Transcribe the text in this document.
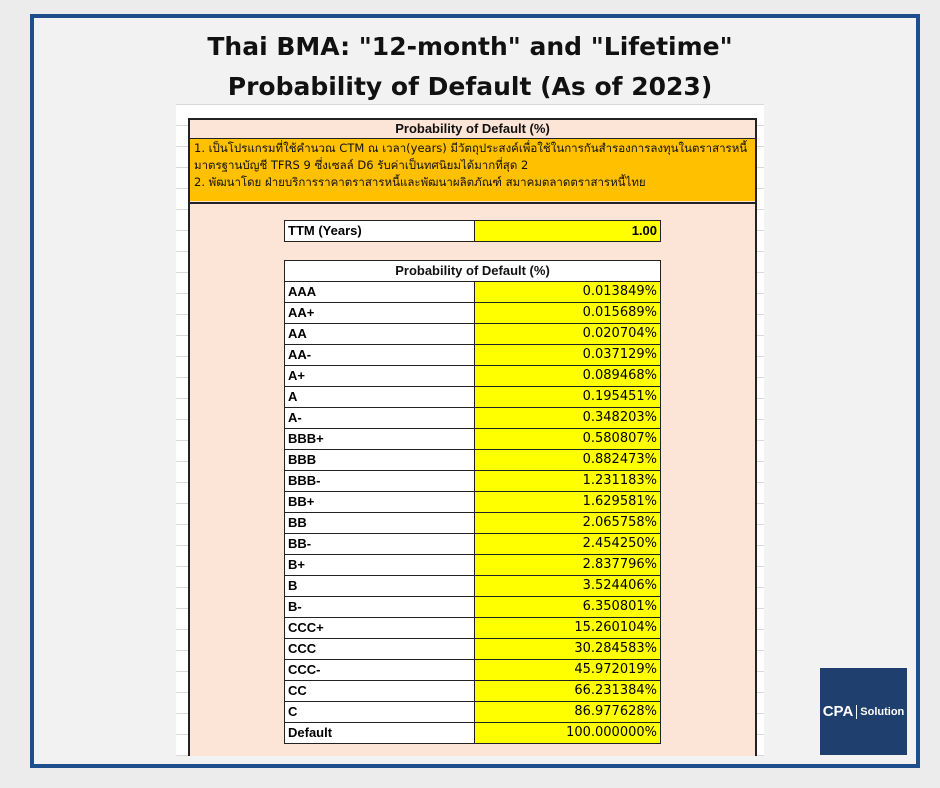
Thai BMA: "12-month" and "Lifetime"
Probability of Default (As of 2023)
Probability of Default (%)
1. เป็นโปรแกรมที่ใช้คำนวณ CTM ณ เวลา(years) มีวัตถุประสงค์เพื่อใช้ในการกันสำรองการลงทุนในตราสารหนี้มาตรฐานบัญชี TFRS 9 ซึ่งเซลล์ D6 รับค่าเป็นทศนิยมได้มากที่สุด 2
2. พัฒนาโดย ฝ่ายบริการราคาตราสารหนี้และพัฒนาผลิตภัณฑ์ สมาคมตลาดตราสารหนี้ไทย
TTM (Years)	1.00
Probability of Default (%)
AAA	0.013849%
AA+	0.015689%
AA	0.020704%
AA-	0.037129%
A+	0.089468%
A	0.195451%
A-	0.348203%
BBB+	0.580807%
BBB	0.882473%
BBB-	1.231183%
BB+	1.629581%
BB	2.065758%
BB-	2.454250%
B+	2.837796%
B	3.524406%
B-	6.350801%
CCC+	15.260104%
CCC	30.284583%
CCC-	45.972019%
CC	66.231384%
C	86.977628%
Default	100.000000%
CPA Solution
